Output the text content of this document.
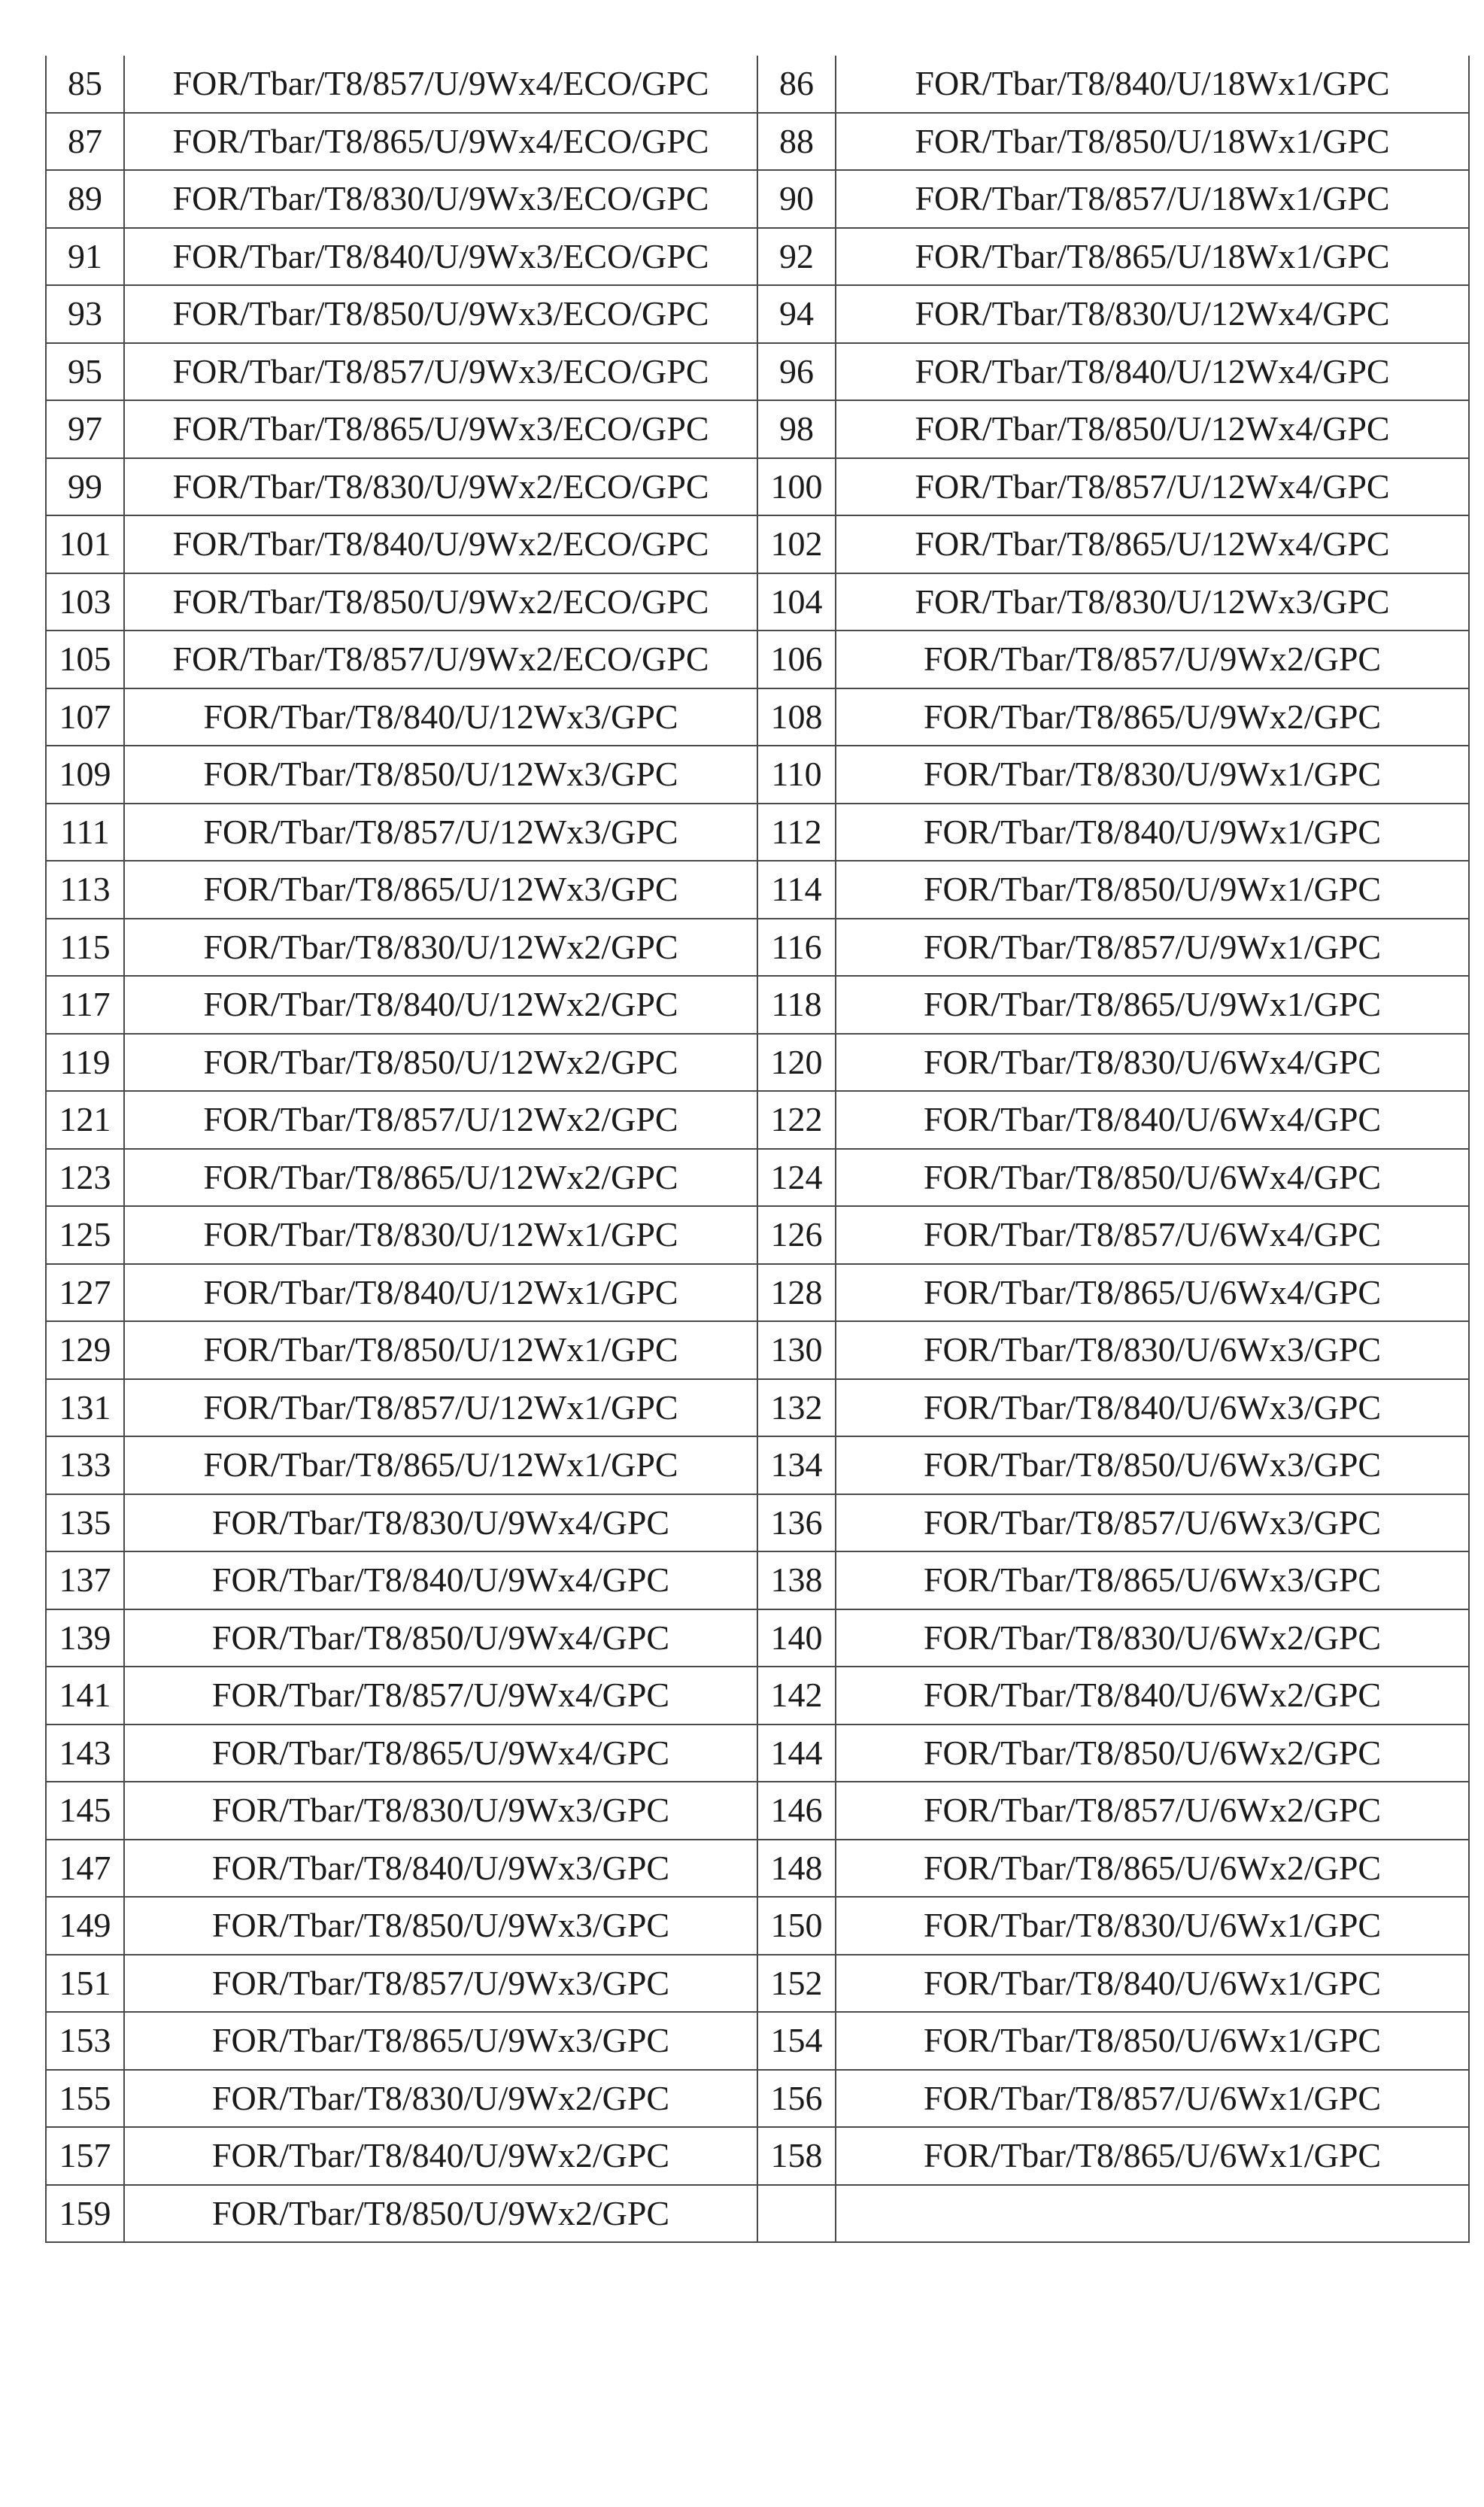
85	FOR/Tbar/T8/857/U/9Wx4/ECO/GPC	86	FOR/Tbar/T8/840/U/18Wx1/GPC
87	FOR/Tbar/T8/865/U/9Wx4/ECO/GPC	88	FOR/Tbar/T8/850/U/18Wx1/GPC
89	FOR/Tbar/T8/830/U/9Wx3/ECO/GPC	90	FOR/Tbar/T8/857/U/18Wx1/GPC
91	FOR/Tbar/T8/840/U/9Wx3/ECO/GPC	92	FOR/Tbar/T8/865/U/18Wx1/GPC
93	FOR/Tbar/T8/850/U/9Wx3/ECO/GPC	94	FOR/Tbar/T8/830/U/12Wx4/GPC
95	FOR/Tbar/T8/857/U/9Wx3/ECO/GPC	96	FOR/Tbar/T8/840/U/12Wx4/GPC
97	FOR/Tbar/T8/865/U/9Wx3/ECO/GPC	98	FOR/Tbar/T8/850/U/12Wx4/GPC
99	FOR/Tbar/T8/830/U/9Wx2/ECO/GPC	100	FOR/Tbar/T8/857/U/12Wx4/GPC
101	FOR/Tbar/T8/840/U/9Wx2/ECO/GPC	102	FOR/Tbar/T8/865/U/12Wx4/GPC
103	FOR/Tbar/T8/850/U/9Wx2/ECO/GPC	104	FOR/Tbar/T8/830/U/12Wx3/GPC
105	FOR/Tbar/T8/857/U/9Wx2/ECO/GPC	106	FOR/Tbar/T8/857/U/9Wx2/GPC
107	FOR/Tbar/T8/840/U/12Wx3/GPC	108	FOR/Tbar/T8/865/U/9Wx2/GPC
109	FOR/Tbar/T8/850/U/12Wx3/GPC	110	FOR/Tbar/T8/830/U/9Wx1/GPC
111	FOR/Tbar/T8/857/U/12Wx3/GPC	112	FOR/Tbar/T8/840/U/9Wx1/GPC
113	FOR/Tbar/T8/865/U/12Wx3/GPC	114	FOR/Tbar/T8/850/U/9Wx1/GPC
115	FOR/Tbar/T8/830/U/12Wx2/GPC	116	FOR/Tbar/T8/857/U/9Wx1/GPC
117	FOR/Tbar/T8/840/U/12Wx2/GPC	118	FOR/Tbar/T8/865/U/9Wx1/GPC
119	FOR/Tbar/T8/850/U/12Wx2/GPC	120	FOR/Tbar/T8/830/U/6Wx4/GPC
121	FOR/Tbar/T8/857/U/12Wx2/GPC	122	FOR/Tbar/T8/840/U/6Wx4/GPC
123	FOR/Tbar/T8/865/U/12Wx2/GPC	124	FOR/Tbar/T8/850/U/6Wx4/GPC
125	FOR/Tbar/T8/830/U/12Wx1/GPC	126	FOR/Tbar/T8/857/U/6Wx4/GPC
127	FOR/Tbar/T8/840/U/12Wx1/GPC	128	FOR/Tbar/T8/865/U/6Wx4/GPC
129	FOR/Tbar/T8/850/U/12Wx1/GPC	130	FOR/Tbar/T8/830/U/6Wx3/GPC
131	FOR/Tbar/T8/857/U/12Wx1/GPC	132	FOR/Tbar/T8/840/U/6Wx3/GPC
133	FOR/Tbar/T8/865/U/12Wx1/GPC	134	FOR/Tbar/T8/850/U/6Wx3/GPC
135	FOR/Tbar/T8/830/U/9Wx4/GPC	136	FOR/Tbar/T8/857/U/6Wx3/GPC
137	FOR/Tbar/T8/840/U/9Wx4/GPC	138	FOR/Tbar/T8/865/U/6Wx3/GPC
139	FOR/Tbar/T8/850/U/9Wx4/GPC	140	FOR/Tbar/T8/830/U/6Wx2/GPC
141	FOR/Tbar/T8/857/U/9Wx4/GPC	142	FOR/Tbar/T8/840/U/6Wx2/GPC
143	FOR/Tbar/T8/865/U/9Wx4/GPC	144	FOR/Tbar/T8/850/U/6Wx2/GPC
145	FOR/Tbar/T8/830/U/9Wx3/GPC	146	FOR/Tbar/T8/857/U/6Wx2/GPC
147	FOR/Tbar/T8/840/U/9Wx3/GPC	148	FOR/Tbar/T8/865/U/6Wx2/GPC
149	FOR/Tbar/T8/850/U/9Wx3/GPC	150	FOR/Tbar/T8/830/U/6Wx1/GPC
151	FOR/Tbar/T8/857/U/9Wx3/GPC	152	FOR/Tbar/T8/840/U/6Wx1/GPC
153	FOR/Tbar/T8/865/U/9Wx3/GPC	154	FOR/Tbar/T8/850/U/6Wx1/GPC
155	FOR/Tbar/T8/830/U/9Wx2/GPC	156	FOR/Tbar/T8/857/U/6Wx1/GPC
157	FOR/Tbar/T8/840/U/9Wx2/GPC	158	FOR/Tbar/T8/865/U/6Wx1/GPC
159	FOR/Tbar/T8/850/U/9Wx2/GPC		
